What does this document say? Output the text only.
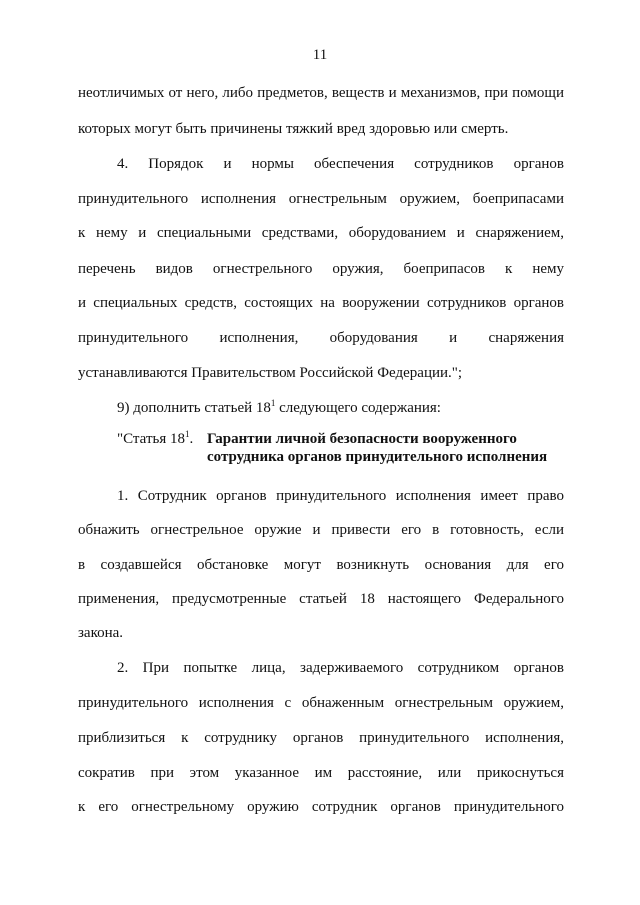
11
неотличимых от него, либо предметов, веществ и механизмов, при помощи
которых могут быть причинены тяжкий вред здоровью или смерть.
4. Порядок и нормы обеспечения сотрудников органов
принудительного исполнения огнестрельным оружием, боеприпасами
к нему и специальными средствами, оборудованием и снаряжением,
перечень видов огнестрельного оружия, боеприпасов к нему
и специальных средств, состоящих на вооружении сотрудников органов
принудительного исполнения, оборудования и снаряжения
устанавливаются Правительством Российской Федерации.";
9) дополнить статьей $18^1$ следующего содержания:
"Статья $18^1$. Гарантии личной безопасности вооруженного сотрудника органов принудительного исполнения
1. Сотрудник органов принудительного исполнения имеет право
обнажить огнестрельное оружие и привести его в готовность, если
в создавшейся обстановке могут возникнуть основания для его
применения, предусмотренные статьей 18 настоящего Федерального
закона.
2. При попытке лица, задерживаемого сотрудником органов
принудительного исполнения с обнаженным огнестрельным оружием,
приблизиться к сотруднику органов принудительного исполнения,
сократив при этом указанное им расстояние, или прикоснуться
к его огнестрельному оружию сотрудник органов принудительного
